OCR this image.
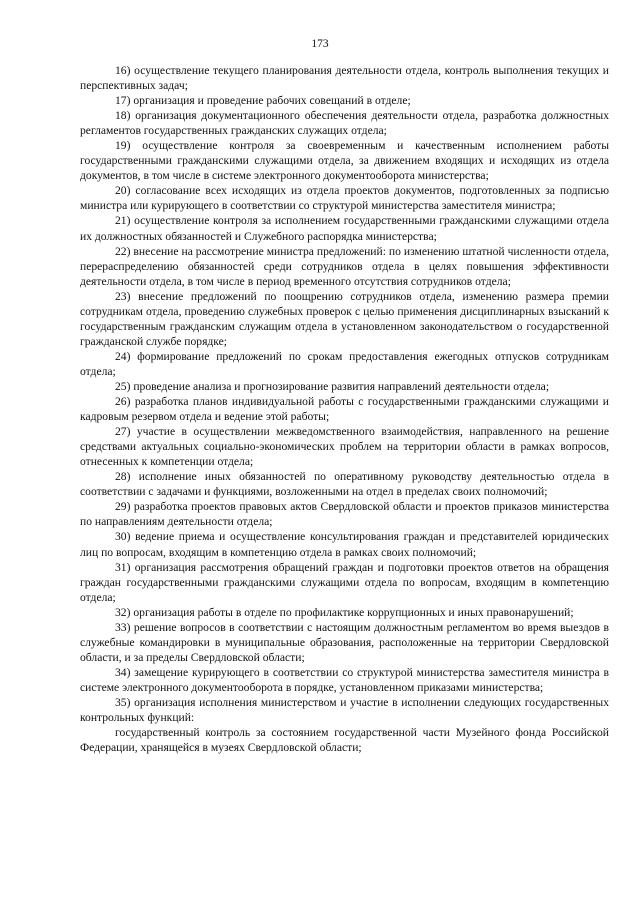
173

16) осуществление текущего планирования деятельности отдела, контроль выполнения текущих и перспективных задач;

17) организация и проведение рабочих совещаний в отделе;

18) организация документационного обеспечения деятельности отдела, разработка должностных регламентов государственных гражданских служащих отдела;

19) осуществление контроля за своевременным и качественным исполнением работы государственными гражданскими служащими отдела, за движением входящих и исходящих из отдела документов, в том числе в системе электронного документооборота министерства;

20) согласование всех исходящих из отдела проектов документов, подготовленных за подписью министра или курирующего в соответствии со структурой министерства заместителя министра;

21) осуществление контроля за исполнением государственными гражданскими служащими отдела их должностных обязанностей и Служебного распорядка министерства;

22) внесение на рассмотрение министра предложений: по изменению штатной численности отдела, перераспределению обязанностей среди сотрудников отдела в целях повышения эффективности деятельности отдела, в том числе в период временного отсутствия сотрудников отдела;

23) внесение предложений по поощрению сотрудников отдела, изменению размера премии сотрудникам отдела, проведению служебных проверок с целью применения дисциплинарных взысканий к государственным гражданским служащим отдела в установленном законодательством о государственной гражданской службе порядке;

24) формирование предложений по срокам предоставления ежегодных отпусков сотрудникам отдела;

25) проведение анализа и прогнозирование развития направлений деятельности отдела;

26) разработка планов индивидуальной работы с государственными гражданскими служащими и кадровым резервом отдела и ведение этой работы;

27) участие в осуществлении межведомственного взаимодействия, направленного на решение средствами актуальных социально-экономических проблем на территории области в рамках вопросов, отнесенных к компетенции отдела;

28) исполнение иных обязанностей по оперативному руководству деятельностью отдела в соответствии с задачами и функциями, возложенными на отдел в пределах своих полномочий;

29) разработка проектов правовых актов Свердловской области и проектов приказов министерства по направлениям деятельности отдела;

30) ведение приема и осуществление консультирования граждан и представителей юридических лиц по вопросам, входящим в компетенцию отдела в рамках своих полномочий;

31) организация рассмотрения обращений граждан и подготовки проектов ответов на обращения граждан государственными гражданскими служащими отдела по вопросам, входящим в компетенцию отдела;

32) организация работы в отделе по профилактике коррупционных и иных правонарушений;

33) решение вопросов в соответствии с настоящим должностным регламентом во время выездов в служебные командировки в муниципальные образования, расположенные на территории Свердловской области, и за пределы Свердловской области;

34) замещение курирующего в соответствии со структурой министерства заместителя министра в системе электронного документооборота в порядке, установленном приказами министерства;

35) организация исполнения министерством и участие в исполнении следующих государственных контрольных функций:

государственный контроль за состоянием государственной части Музейного фонда Российской Федерации, хранящейся в музеях Свердловской области;
